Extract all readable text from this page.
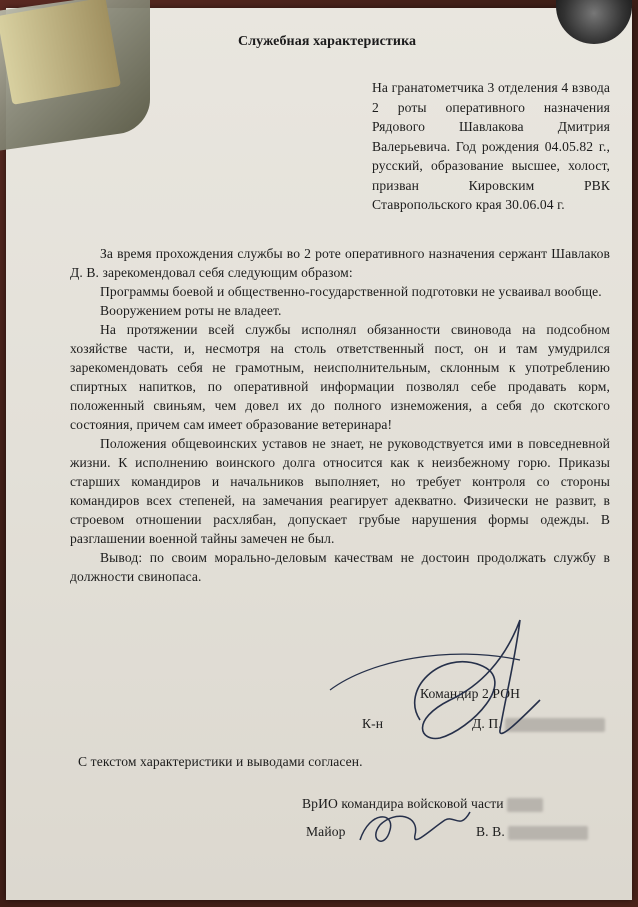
Служебная характеристика
На гранатометчика 3 отделения 4 взвода 2 роты оперативного назначения Рядового Шавлакова Дмитрия Валерьевича. Год рождения 04.05.82 г., русский, образование высшее, холост, призван Кировским РВК Ставропольского края 30.06.04 г.

За время прохождения службы во 2 роте оперативного назначения сержант Шавлаков Д. В. зарекомендовал себя следующим образом:

Программы боевой и общественно-государственной подготовки не усваивал вообще.

Вооружением роты не владеет.

На протяжении всей службы исполнял обязанности свиновода на подсобном хозяйстве части, и, несмотря на столь ответственный пост, он и там умудрился зарекомендовать себя не грамотным, неисполнительным, склонным к употреблению спиртных напитков, по оперативной информации позволял себе продавать корм, положенный свиньям, чем довел их до полного изнеможения, а себя до скотского состояния, причем сам имеет образование ветеринара!

Положения общевоинских уставов не знает, не руководствуется ими в повседневной жизни. К исполнению воинского долга относится как к неизбежному горю. Приказы старших командиров и начальников выполняет, но требует контроля со стороны командиров всех степеней, на замечания реагирует адекватно. Физически не развит, в строевом отношении расхлябан, допускает грубые нарушения формы одежды. В разглашении военной тайны замечен не был.

Вывод: по своим морально-деловым качествам не достоин продолжать службу в должности свинопаса.

Командир 2 РОН
К-н	Д. П.
С текстом характеристики и выводами согласен.
ВрИО командира войсковой части
Майор	В. В.
